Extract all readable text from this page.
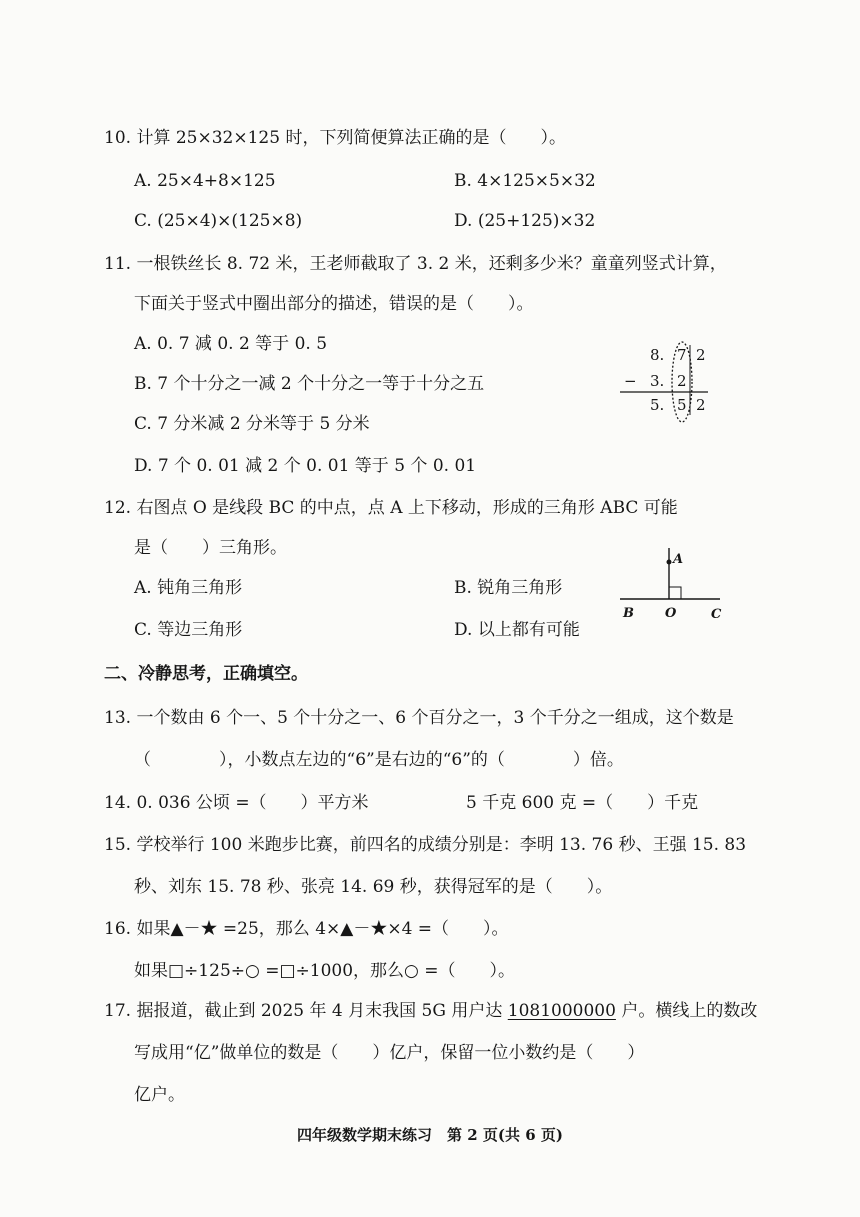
10. 计算 25×32×125 时，下列简便算法正确的是（　　）。
A. 25×4+8×125	B. 4×125×5×32
C. (25×4)×(125×8)	D. (25+125)×32
11. 一根铁丝长 8. 72 米，王老师截取了 3. 2 米，还剩多少米？童童列竖式计算，
下面关于竖式中圈出部分的描述，错误的是（　　）。
A. 0. 7 减 0. 2 等于 0. 5
B. 7 个十分之一减 2 个十分之一等于十分之五
C. 7 分米减 2 分米等于 5 分米
D. 7 个 0. 01 减 2 个 0. 01 等于 5 个 0. 01
8. 7 2
− 3. 2
5. 5 2
12. 右图点 O 是线段 BC 的中点，点 A 上下移动，形成的三角形 ABC 可能
是（　　）三角形。
A. 钝角三角形	B. 锐角三角形
C. 等边三角形	D. 以上都有可能
A
B O	C
二、冷静思考，正确填空。
13. 一个数由 6 个一、5 个十分之一、6 个百分之一，3 个千分之一组成，这个数是
（　　　　），小数点左边的“6”是右边的“6”的（　　　　）倍。
14. 0. 036 公顷 =（　　）平方米	5 千克 600 克 =（　　）千克
15. 学校举行 100 米跑步比赛，前四名的成绩分别是：李明 13. 76 秒、王强 15. 83
秒、刘东 15. 78 秒、张亮 14. 69 秒，获得冠军的是（　　）。
16. 如果▲－★ =25，那么 4×▲－★×4 =（　　）。
如果□÷125÷○ =□÷1000，那么○ =（　　）。
17. 据报道，截止到 2025 年 4 月末我国 5G 用户达 1081000000 户。横线上的数改
写成用“亿”做单位的数是（　　）亿户，保留一位小数约是（　　）
亿户。
四年级数学期末练习　第 2 页(共 6 页)
